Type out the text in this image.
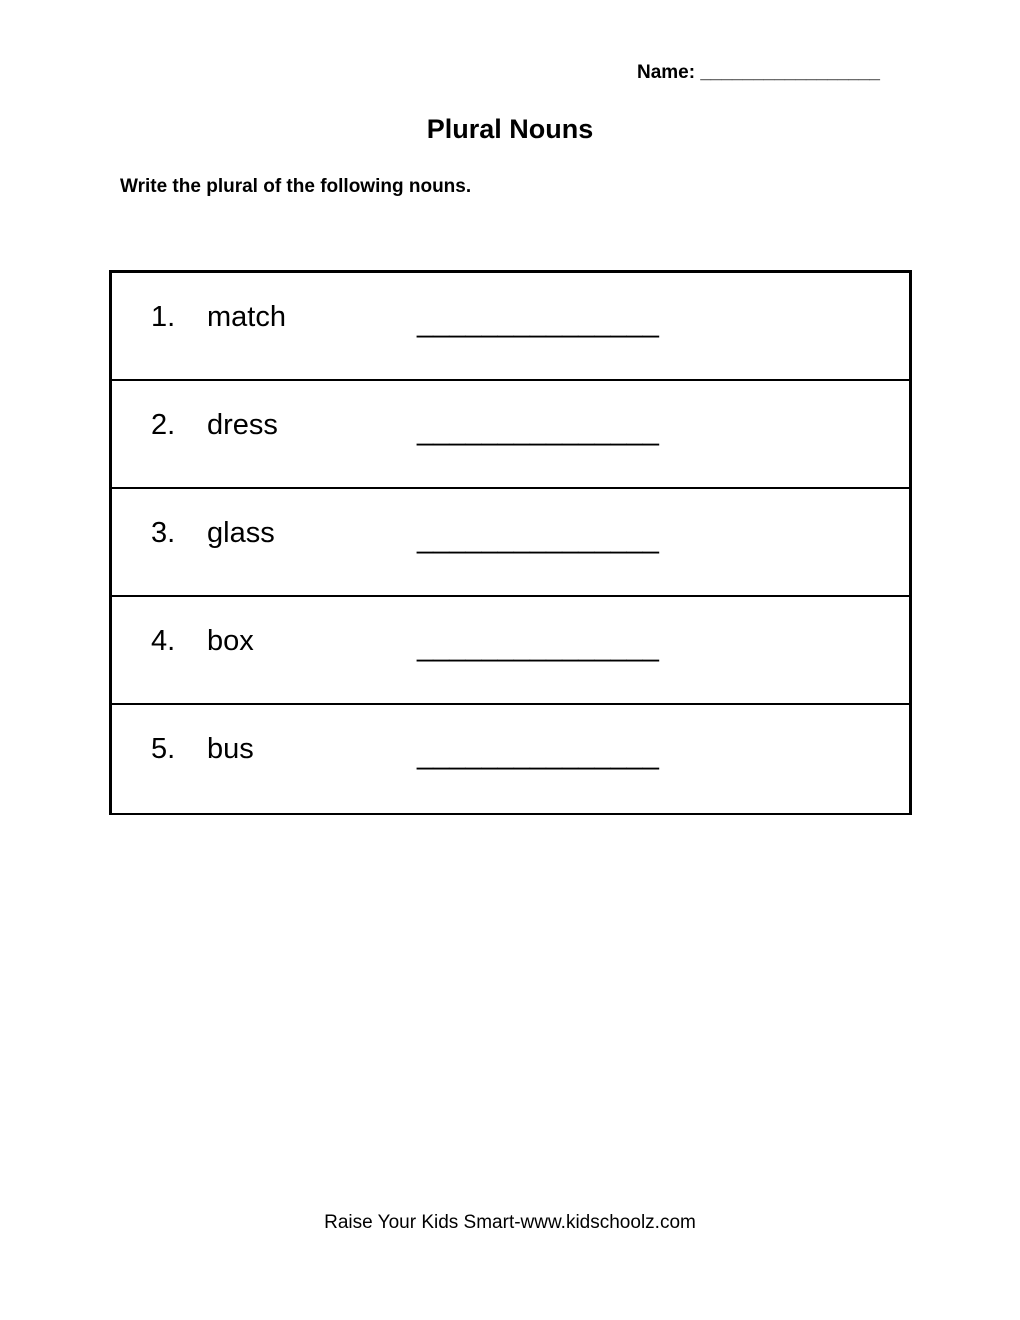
Name: _________________
Plural Nouns
Write the plural of the following nouns.
1. match	_______________
2. dress	_______________
3. glass	_______________
4. box	_______________
5. bus	_______________
Raise Your Kids Smart-www.kidschoolz.com
